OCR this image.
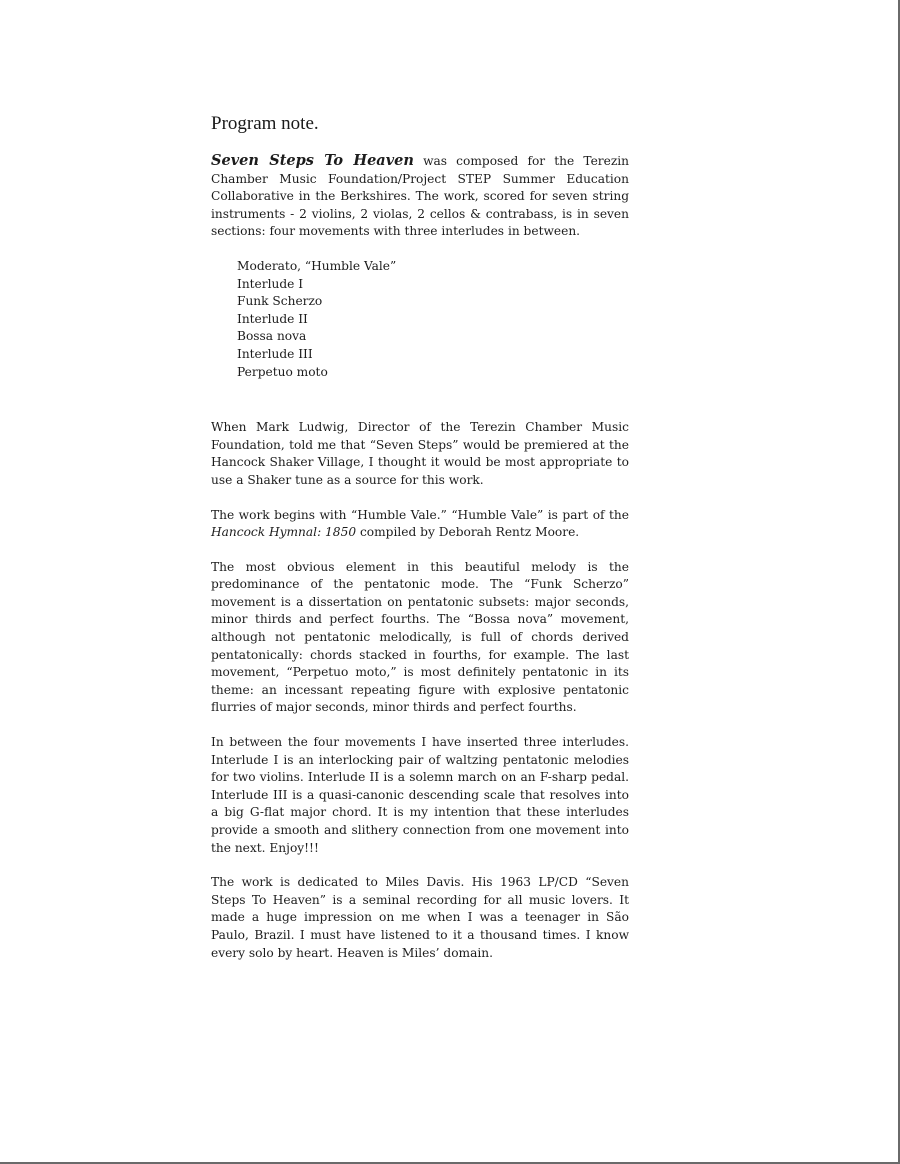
Program note.

Seven Steps To Heaven was composed for the Terezin Chamber Music Foundation/Project STEP Summer Education Collaborative in the Berkshires. The work, scored for seven string instruments - 2 violins, 2 violas, 2 cellos & contrabass, is in seven sections: four movements with three interludes in between.

Moderato, “Humble Vale”
Interlude I
Funk Scherzo
Interlude II
Bossa nova
Interlude III
Perpetuo moto

When Mark Ludwig, Director of the Terezin Chamber Music Foundation, told me that “Seven Steps” would be premiered at the Hancock Shaker Village, I thought it would be most appropriate to use a Shaker tune as a source for this work.

The work begins with “Humble Vale.” “Humble Vale” is part of the Hancock Hymnal: 1850 compiled by Deborah Rentz Moore.

The most obvious element in this beautiful melody is the predominance of the pentatonic mode. The “Funk Scherzo” movement is a dissertation on pentatonic subsets: major seconds, minor thirds and perfect fourths. The “Bossa nova” movement, although not pentatonic melodically, is full of chords derived pentatonically: chords stacked in fourths, for example. The last movement, “Perpetuo moto,” is most definitely pentatonic in its theme: an incessant repeating figure with explosive pentatonic flurries of major seconds, minor thirds and perfect fourths.

In between the four movements I have inserted three interludes. Interlude I is an interlocking pair of waltzing pentatonic melodies for two violins. Interlude II is a solemn march on an F-sharp pedal. Interlude III is a quasi-canonic descending scale that resolves into a big G-flat major chord. It is my intention that these interludes provide a smooth and slithery connection from one movement into the next. Enjoy!!!

The work is dedicated to Miles Davis. His 1963 LP/CD “Seven Steps To Heaven” is a seminal recording for all music lovers. It made a huge impression on me when I was a teenager in São Paulo, Brazil. I must have listened to it a thousand times. I know every solo by heart. Heaven is Miles’ domain.
